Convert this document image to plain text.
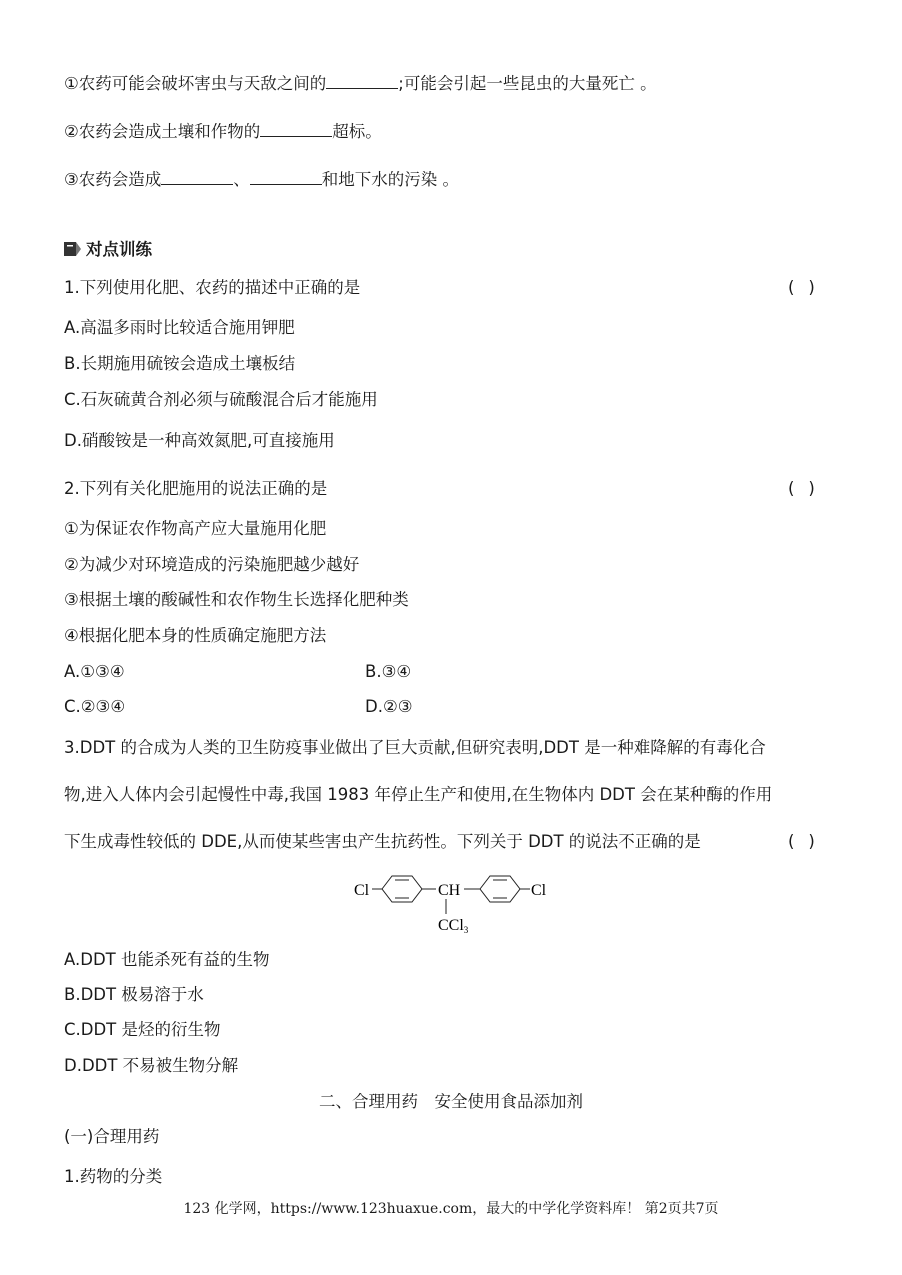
①农药可能会破坏害虫与天敌之间的	;可能会引起一些昆虫的大量死亡 。
②农药会造成土壤和作物的	超标。
③农药会造成	、	和地下水的污染 。
对点训练
1.下列使用化肥、农药的描述中正确的是	()
A.高温多雨时比较适合施用钾肥
B.长期施用硫铵会造成土壤板结
C.石灰硫黄合剂必须与硫酸混合后才能施用
D.硝酸铵是一种高效氮肥,可直接施用
2.下列有关化肥施用的说法正确的是	()
①为保证农作物高产应大量施用化肥
②为减少对环境造成的污染施肥越少越好
③根据土壤的酸碱性和农作物生长选择化肥种类
④根据化肥本身的性质确定施肥方法
A.①③④	B.③④
C.②③④	D.②③
3.DDT 的合成为人类的卫生防疫事业做出了巨大贡献,但研究表明,DDT 是一种难降解的有毒化合
物,进入人体内会引起慢性中毒,我国 1983 年停止生产和使用,在生物体内 DDT 会在某种酶的作用
下生成毒性较低的 DDE,从而使某些害虫产生抗药性。下列关于 DDT 的说法不正确的是	()
Cl	CH	Cl
CCl3
A.DDT 也能杀死有益的生物
B.DDT 极易溶于水
C.DDT 是烃的衍生物
D.DDT 不易被生物分解
二、合理用药　安全使用食品添加剂
(一)合理用药
1.药物的分类
123 化学网，https://www.123huaxue.com，最大的中学化学资料库！ 第2页共7页
